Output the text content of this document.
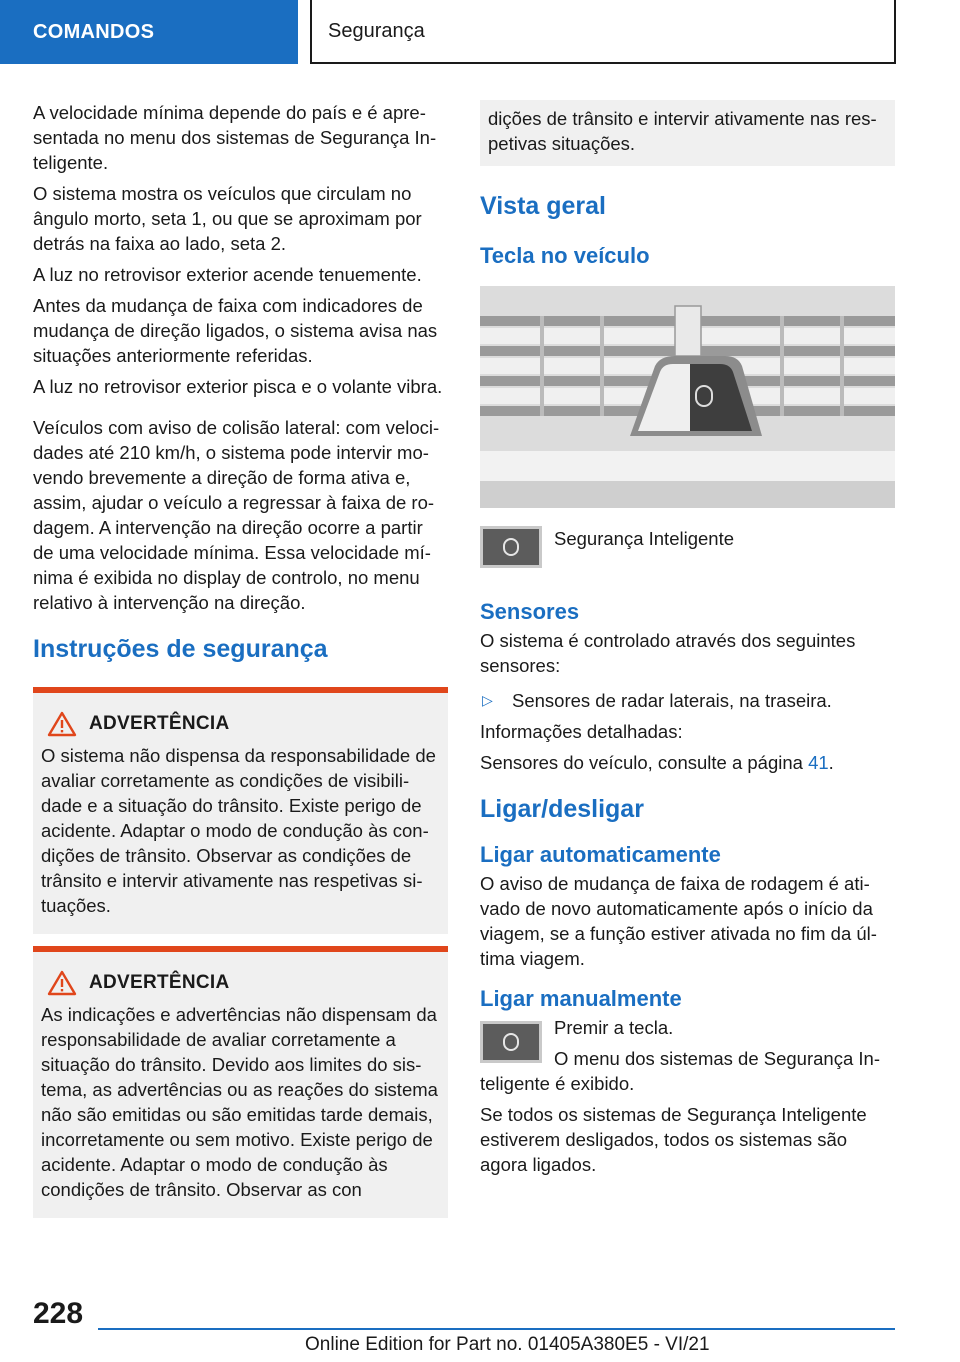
COMANDOS	Segurança

A velocidade mínima depende do país e é apresentada no menu dos sistemas de Segurança Inteligente.

O sistema mostra os veículos que circulam no ângulo morto, seta 1, ou que se aproximam por detrás na faixa ao lado, seta 2.

A luz no retrovisor exterior acende tenuemente.

Antes da mudança de faixa com indicadores de mudança de direção ligados, o sistema avisa nas situações anteriormente referidas.

A luz no retrovisor exterior pisca e o volante vibra.

Veículos com aviso de colisão lateral: com velocidades até 210 km/h, o sistema pode intervir movendo brevemente a direção de forma ativa e, assim, ajudar o veículo a regressar à faixa de rodagem. A intervenção na direção ocorre a partir de uma velocidade mínima. Essa velocidade mínima é exibida no display de controlo, no menu relativo à intervenção na direção.

Instruções de segurança
ADVERTÊNCIA

O sistema não dispensa da responsabilidade de avaliar corretamente as condições de visibilidade e a situação do trânsito. Existe perigo de acidente. Adaptar o modo de condução às condições de trânsito. Observar as condições de trânsito e intervir ativamente nas respetivas situações.

ADVERTÊNCIA

As indicações e advertências não dispensam da responsabilidade de avaliar corretamente a situação do trânsito. Devido aos limites do sistema, as advertências ou as reações do sistema não são emitidas ou são emitidas tarde demais, incorretamente ou sem motivo. Existe perigo de acidente. Adaptar o modo de condução às condições de trânsito. Observar as con

dições de trânsito e intervir ativamente nas respetivas situações.

Vista geral
Tecla no veículo

Segurança Inteligente

Sensores

O sistema é controlado através dos seguintes sensores:

▷	Sensores de radar laterais, na traseira.

Informações detalhadas:

Sensores do veículo, consulte a página 41.

Ligar/desligar
Ligar automaticamente

O aviso de mudança de faixa de rodagem é ativado de novo automaticamente após o início da viagem, se a função estiver ativada no fim da última viagem.

Ligar manualmente

Premir a tecla.

O menu dos sistemas de Segurança Inteligente é exibido.

Se todos os sistemas de Segurança Inteligente estiverem desligados, todos os sistemas são agora ligados.

228
Online Edition for Part no. 01405A380E5 - VI/21
